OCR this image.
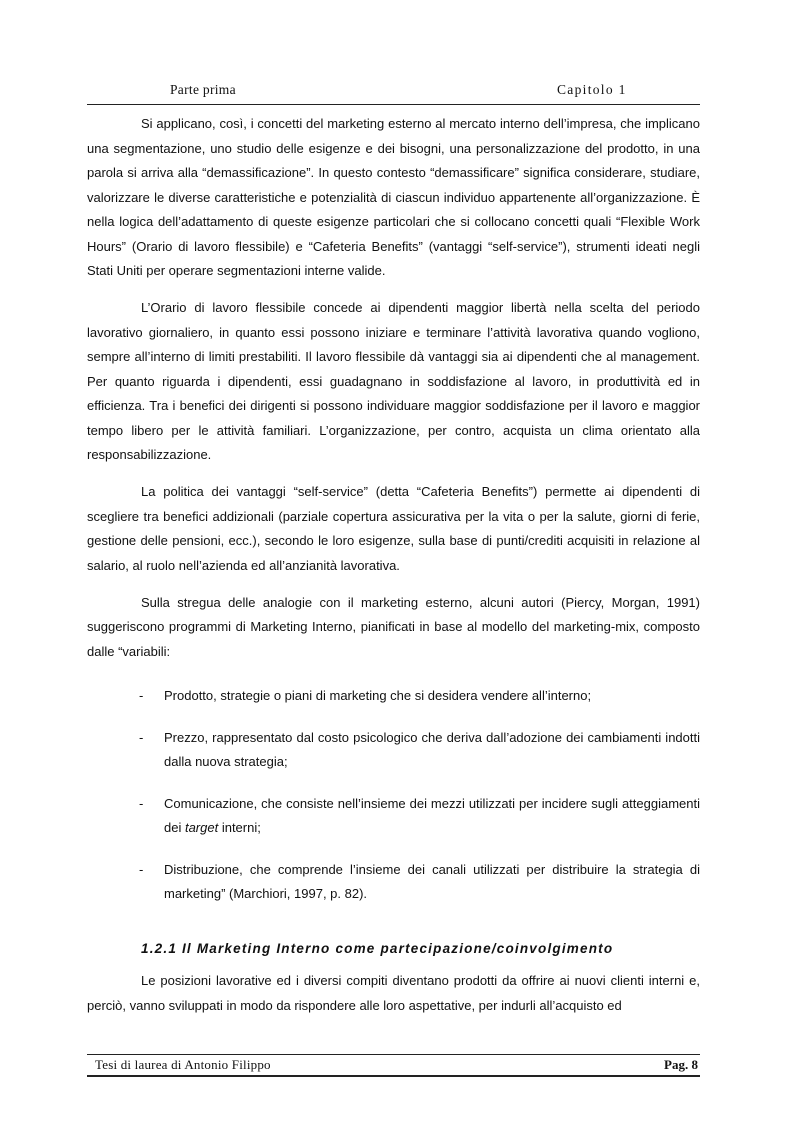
Parte prima	Capitolo 1

Si applicano, così, i concetti del marketing esterno al mercato interno dell’impresa, che implicano una segmentazione, uno studio delle esigenze e dei bisogni, una personalizzazione del prodotto, in una parola si arriva alla “demassificazione”. In questo contesto “demassificare” significa considerare, studiare, valorizzare le diverse caratteristiche e potenzialità di ciascun individuo appartenente all’organizzazione. È nella logica dell’adattamento di queste esigenze particolari che si collocano concetti quali “Flexible Work Hours” (Orario di lavoro flessibile) e “Cafeteria Benefits” (vantaggi “self-service”), strumenti ideati negli Stati Uniti per operare segmentazioni interne valide.

L’Orario di lavoro flessibile concede ai dipendenti maggior libertà nella scelta del periodo lavorativo giornaliero, in quanto essi possono iniziare e terminare l’attività lavorativa quando vogliono, sempre all’interno di limiti prestabiliti. Il lavoro flessibile dà vantaggi sia ai dipendenti che al management. Per quanto riguarda i dipendenti, essi guadagnano in soddisfazione al lavoro, in produttività ed in efficienza. Tra i benefici dei dirigenti si possono individuare maggior soddisfazione per il lavoro e maggior tempo libero per le attività familiari. L’organizzazione, per contro, acquista un clima orientato alla responsabilizzazione.

La politica dei vantaggi “self-service” (detta “Cafeteria Benefits”) permette ai dipendenti di scegliere tra benefici addizionali (parziale copertura assicurativa per la vita o per la salute, giorni di ferie, gestione delle pensioni, ecc.), secondo le loro esigenze, sulla base di punti/crediti acquisiti in relazione al salario, al ruolo nell’azienda ed all’anzianità lavorativa.

Sulla stregua delle analogie con il marketing esterno, alcuni autori (Piercy, Morgan, 1991) suggeriscono programmi di Marketing Interno, pianificati in base al modello del marketing-mix, composto dalle “variabili:

- Prodotto, strategie o piani di marketing che si desidera vendere all’interno;
- Prezzo, rappresentato dal costo psicologico che deriva dall’adozione dei cambiamenti indotti dalla nuova strategia;
- Comunicazione, che consiste nell’insieme dei mezzi utilizzati per incidere sugli atteggiamenti dei target interni;
- Distribuzione, che comprende l’insieme dei canali utilizzati per distribuire la strategia di marketing” (Marchiori, 1997, p. 82).
1.2.1 Il Marketing Interno come partecipazione/coinvolgimento

Le posizioni lavorative ed i diversi compiti diventano prodotti da offrire ai nuovi clienti interni e, perciò, vanno sviluppati in modo da rispondere alle loro aspettative, per indurli all’acquisto ed

Tesi di laurea di Antonio Filippo	Pag. 8
